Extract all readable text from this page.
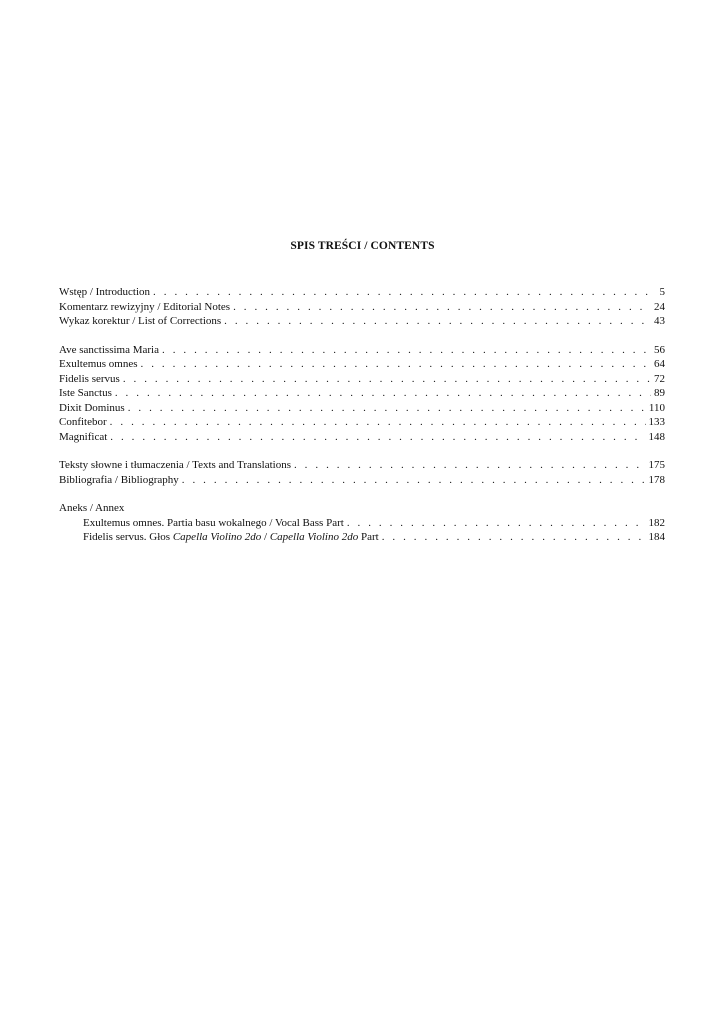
SPIS TREŚCI / CONTENTS
Wstęp / Introduction . . .	5
Komentarz rewizyjny / Editorial Notes . . .	24
Wykaz korektur / List of Corrections . . .	43
Ave sanctissima Maria . . .	56
Exultemus omnes . . .	64
Fidelis servus . . .	72
Iste Sanctus . . .	89
Dixit Dominus . . .	110
Confitebor . . .	133
Magnificat . . .	148
Teksty słowne i tłumaczenia / Texts and Translations . . .	175
Bibliografia / Bibliography . . .	178
Aneks / Annex
Exultemus omnes. Partia basu wokalnego / Vocal Bass Part . . .	182
Fidelis servus. Głos Capella Violino 2do / Capella Violino 2do Part . . .	184
